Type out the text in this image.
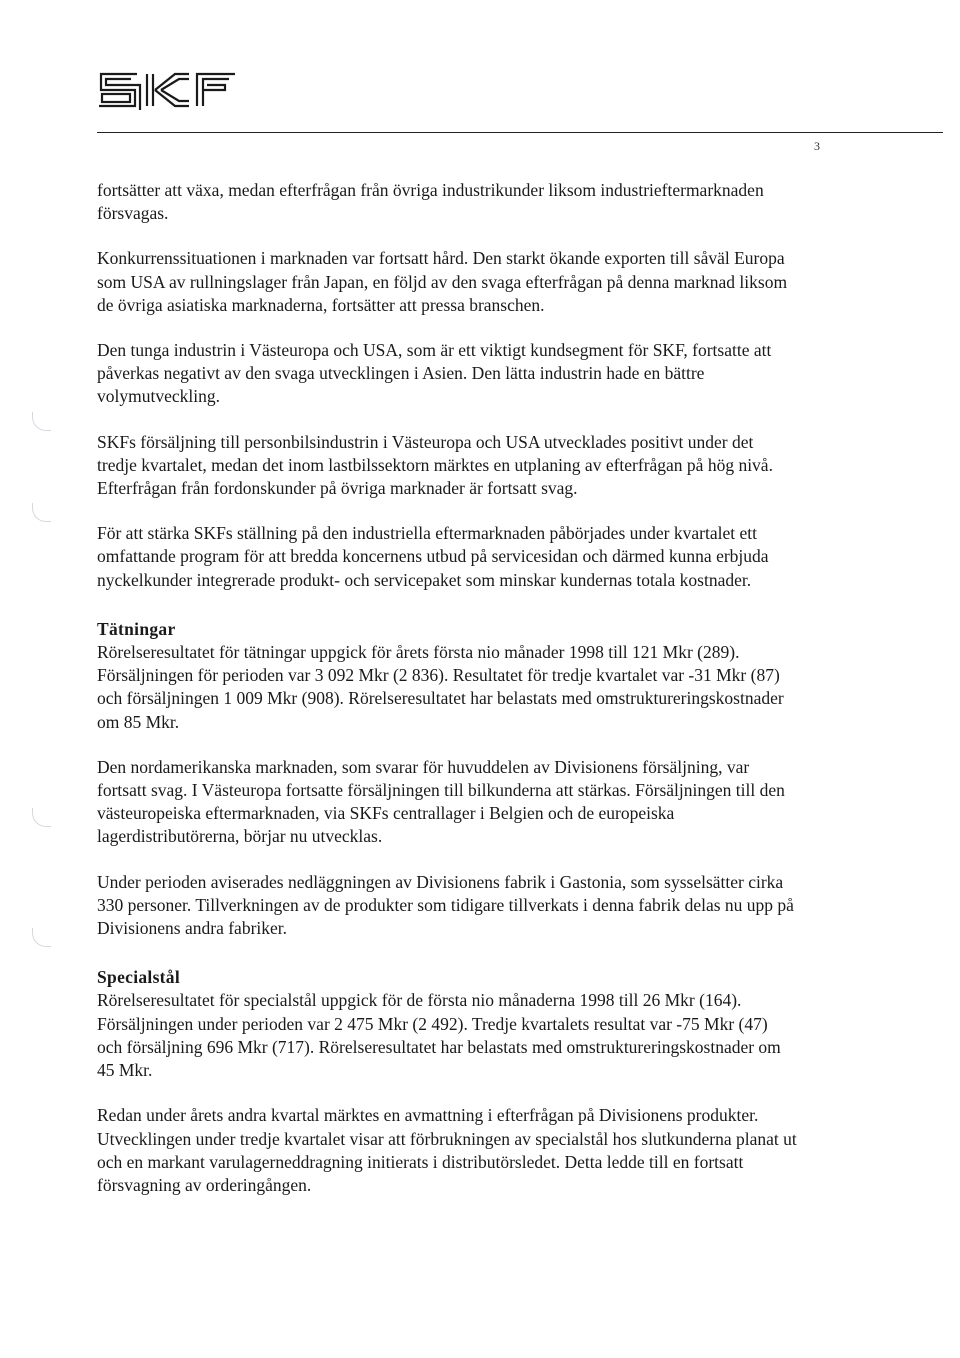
SKF
3

fortsätter att växa, medan efterfrågan från övriga industrikunder liksom industrieftermarknaden försvagas.

Konkurrenssituationen i marknaden var fortsatt hård. Den starkt ökande exporten till såväl Europa som USA av rullningslager från Japan, en följd av den svaga efterfrågan på denna marknad liksom de övriga asiatiska marknaderna, fortsätter att pressa branschen.

Den tunga industrin i Västeuropa och USA, som är ett viktigt kundsegment för SKF, fortsatte att påverkas negativt av den svaga utvecklingen i Asien. Den lätta industrin hade en bättre volymutveckling.

SKFs försäljning till personbilsindustrin i Västeuropa och USA utvecklades positivt under det tredje kvartalet, medan det inom lastbilssektorn märktes en utplaning av efterfrågan på hög nivå. Efterfrågan från fordonskunder på övriga marknader är fortsatt svag.

För att stärka SKFs ställning på den industriella eftermarknaden påbörjades under kvartalet ett omfattande program för att bredda koncernens utbud på servicesidan och därmed kunna erbjuda nyckelkunder integrerade produkt- och servicepaket som minskar kundernas totala kostnader.

Tätningar

Rörelseresultatet för tätningar uppgick för årets första nio månader 1998 till 121 Mkr (289). Försäljningen för perioden var 3 092 Mkr (2 836). Resultatet för tredje kvartalet var -31 Mkr (87) och försäljningen 1 009 Mkr (908). Rörelseresultatet har belastats med omstruktureringskostnader om 85 Mkr.

Den nordamerikanska marknaden, som svarar för huvuddelen av Divisionens försäljning, var fortsatt svag. I Västeuropa fortsatte försäljningen till bilkunderna att stärkas. Försäljningen till den västeuropeiska eftermarknaden, via SKFs centrallager i Belgien och de europeiska lagerdistributörerna, börjar nu utvecklas.

Under perioden aviserades nedläggningen av Divisionens fabrik i Gastonia, som sysselsätter cirka 330 personer. Tillverkningen av de produkter som tidigare tillverkats i denna fabrik delas nu upp på Divisionens andra fabriker.

Specialstål

Rörelseresultatet för specialstål uppgick för de första nio månaderna 1998 till 26 Mkr (164). Försäljningen under perioden var 2 475 Mkr (2 492). Tredje kvartalets resultat var -75 Mkr (47) och försäljning 696 Mkr (717). Rörelseresultatet har belastats med omstruktureringskostnader om 45 Mkr.

Redan under årets andra kvartal märktes en avmattning i efterfrågan på Divisionens produkter. Utvecklingen under tredje kvartalet visar att förbrukningen av specialstål hos slutkunderna planat ut och en markant varulagerneddragning initierats i distributörsledet. Detta ledde till en fortsatt försvagning av orderingången.
